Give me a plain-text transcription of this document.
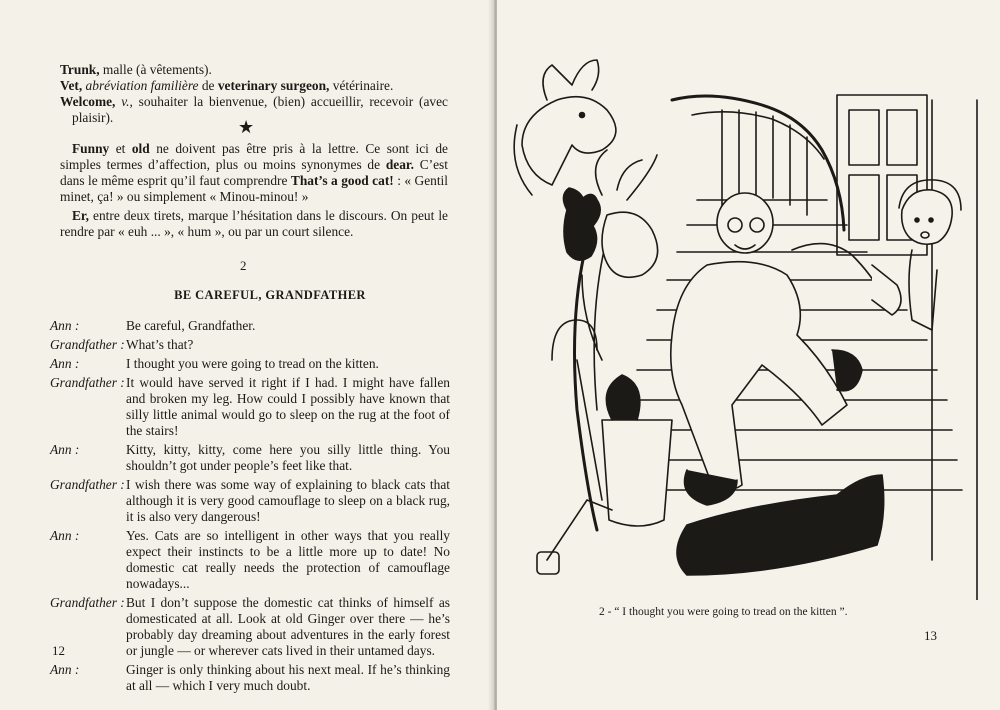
Trunk, malle (à vêtements).

Vet, abréviation familière de veterinary surgeon, vétérinaire.

Welcome, v., souhaiter la bienvenue, (bien) accueillir, recevoir (avec plaisir).	★

Funny et old ne doivent pas être pris à la lettre. Ce sont ici de simples termes d’affection, plus ou moins synonymes de dear. C’est dans le même esprit qu’il faut comprendre That’s a good cat! : « Gentil minet, ça! » ou simplement « Minou-minou! »

Er, entre deux tirets, marque l’hésitation dans le discours. On peut le rendre par « euh ... », « hum », ou par un court silence.

2
BE CAREFUL, GRANDFATHER
Ann :	Be careful, Grandfather.
Grandfather : What’s that?
Ann :	I thought you were going to tread on the kitten.
Grandfather : It would have served it right if I had. I might have fallen and broken my leg. How could I possibly have known that silly little animal would go to sleep on the rug at the foot of the stairs!
Ann :	Kitty, kitty, kitty, come here you silly little thing. You shouldn’t got under people’s feet like that.
Grandfather : I wish there was some way of explaining to black cats that although it is very good camouflage to sleep on a black rug, it is also very dangerous!
Ann :	Yes. Cats are so intelligent in other ways that you really expect their instincts to be a little more up to date! No domestic cat really needs the protection of camouflage nowadays...
Grandfather : But I don’t suppose the domestic cat thinks of himself as domesticated at all. Look at old Ginger over there — he’s probably day dreaming about adventures in the early forest or jungle — or wherever cats lived in their untamed days.
Ann :	Ginger is only thinking about his next meal. If he’s thinking at all — which I very much doubt.
12
2 - “ I thought you were going to tread on the kitten ”.
13
